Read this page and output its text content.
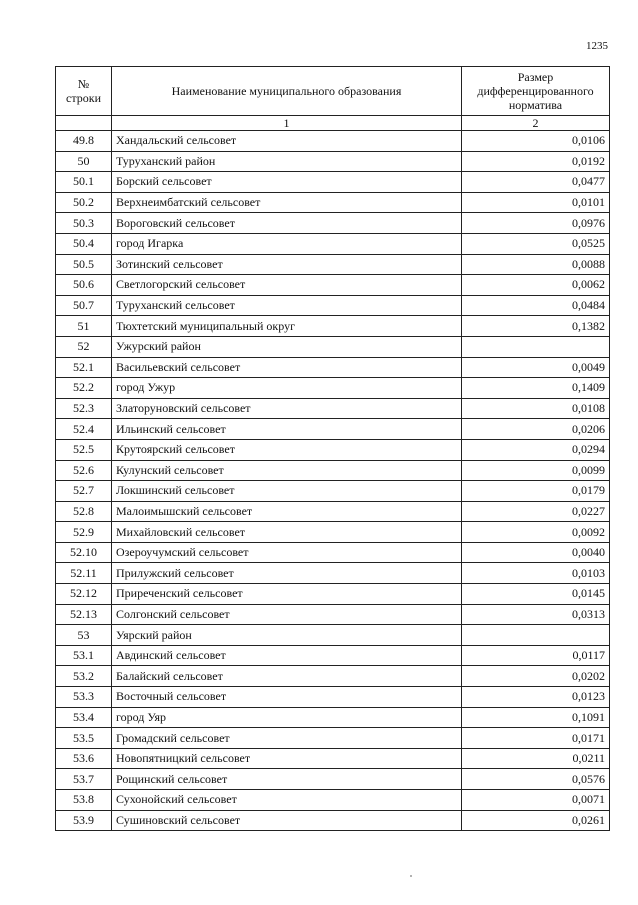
1235
№ строки	Наименование муниципального образования	Размер дифференцированного норматива
	1	2
49.8	Хандальский сельсовет	0,0106
50	Туруханский район	0,0192
50.1	Борский сельсовет	0,0477
50.2	Верхнеимбатский сельсовет	0,0101
50.3	Вороговский сельсовет	0,0976
50.4	город Игарка	0,0525
50.5	Зотинский сельсовет	0,0088
50.6	Светлогорский сельсовет	0,0062
50.7	Туруханский сельсовет	0,0484
51	Тюхтетский муниципальный округ	0,1382
52	Ужурский район	
52.1	Васильевский сельсовет	0,0049
52.2	город Ужур	0,1409
52.3	Златоруновский сельсовет	0,0108
52.4	Ильинский сельсовет	0,0206
52.5	Крутоярский сельсовет	0,0294
52.6	Кулунский сельсовет	0,0099
52.7	Локшинский сельсовет	0,0179
52.8	Малоимышский сельсовет	0,0227
52.9	Михайловский сельсовет	0,0092
52.10	Озероучумский сельсовет	0,0040
52.11	Прилужский сельсовет	0,0103
52.12	Приреченский сельсовет	0,0145
52.13	Солгонский сельсовет	0,0313
53	Уярский район	
53.1	Авдинский сельсовет	0,0117
53.2	Балайский сельсовет	0,0202
53.3	Восточный сельсовет	0,0123
53.4	город Уяр	0,1091
53.5	Громадский сельсовет	0,0171
53.6	Новопятницкий сельсовет	0,0211
53.7	Рощинский сельсовет	0,0576
53.8	Сухонойский сельсовет	0,0071
53.9	Сушиновский сельсовет	0,0261
